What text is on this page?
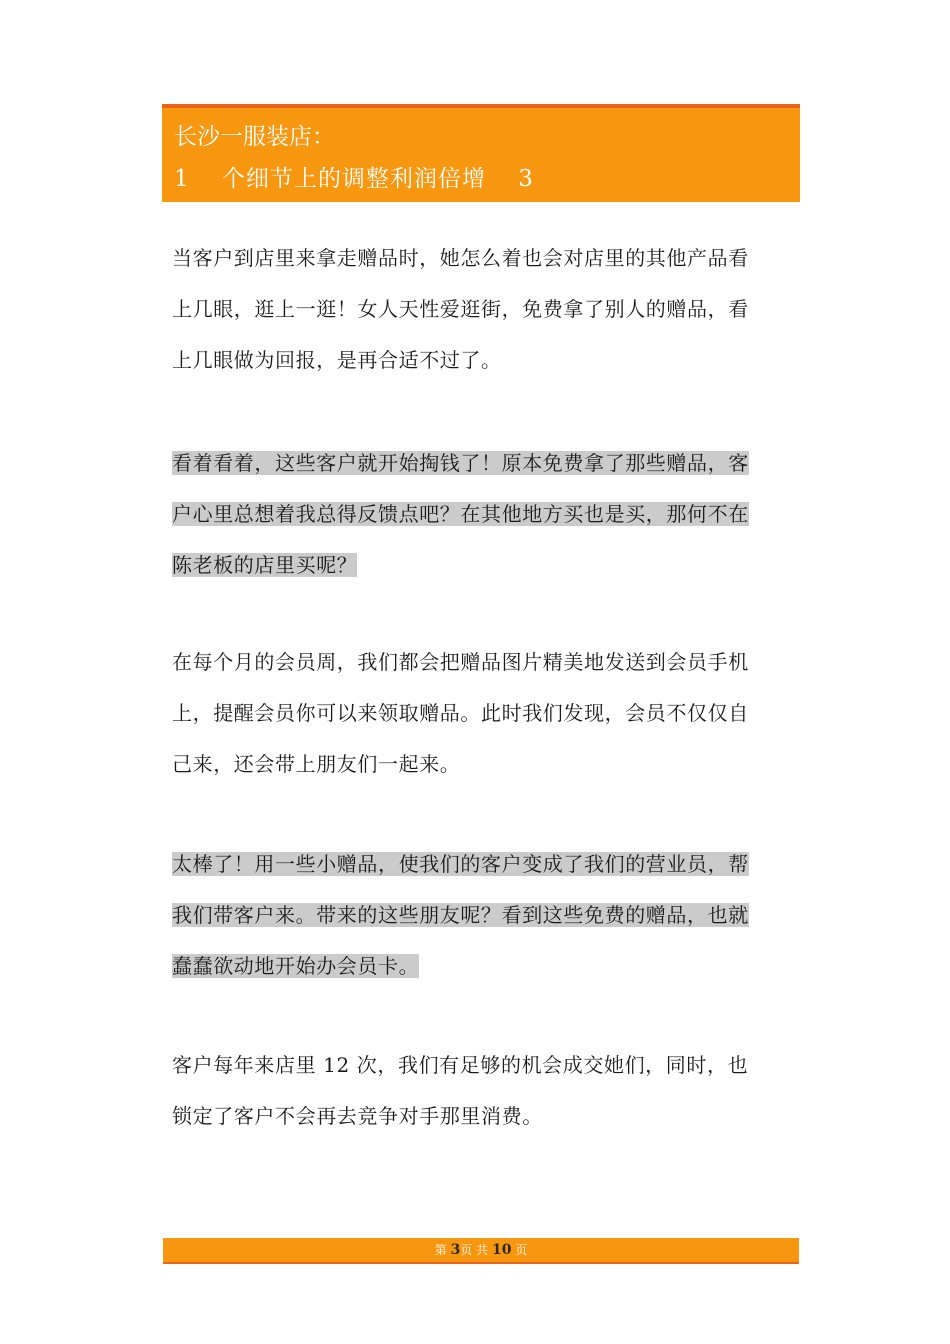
长沙一服装店：
1　 个细节上的调整利润倍增　 3
当客户到店里来拿走赠品时，她怎么着也会对店里的其他产品看
上几眼，逛上一逛！女人天性爱逛街，免费拿了别人的赠品，看
上几眼做为回报，是再合适不过了。
看着看着，这些客户就开始掏钱了！原本免费拿了那些赠品，客
户心里总想着我总得反馈点吧？在其他地方买也是买，那何不在
陈老板的店里买呢？
在每个月的会员周，我们都会把赠品图片精美地发送到会员手机
上，提醒会员你可以来领取赠品。此时我们发现，会员不仅仅自
己来，还会带上朋友们一起来。
太棒了！用一些小赠品，使我们的客户变成了我们的营业员，帮
我们带客户来。带来的这些朋友呢？看到这些免费的赠品，也就
蠢蠢欲动地开始办会员卡。
客户每年来店里 12 次，我们有足够的机会成交她们，同时，也
锁定了客户不会再去竞争对手那里消费。
第 3页 共 10 页
